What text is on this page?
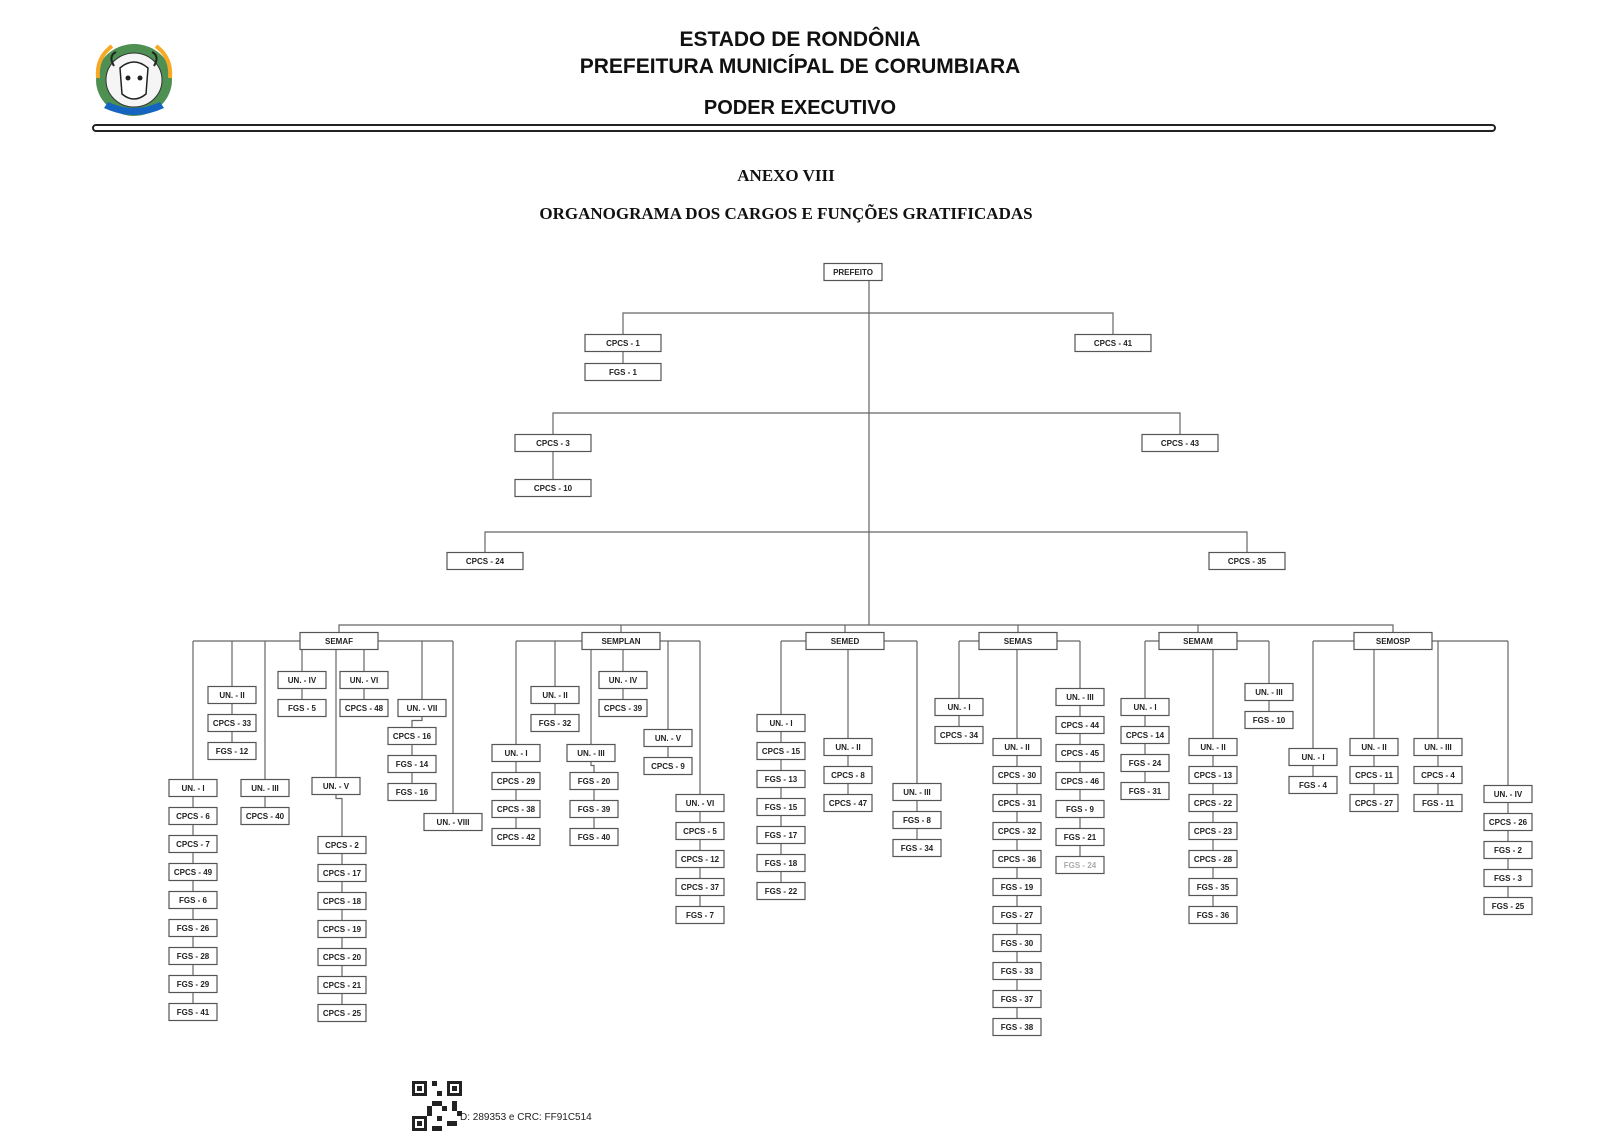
ESTADO DE RONDÔNIA
PREFEITURA MUNICÍPAL DE CORUMBIARA
PODER EXECUTIVO
ANEXO VIII
ORGANOGRAMA DOS CARGOS E FUNÇÕES GRATIFICADAS
PREFEITO
CPCS - 1
FGS - 1
CPCS - 41
CPCS - 3
CPCS - 10
CPCS - 43
CPCS - 24	CPCS - 35
SEMAF	SEMPLAN	SEMED	SEMAS	SEMAM	SEMOSP
UN. - I
CPCS - 6
CPCS - 7
CPCS - 49
FGS - 6
FGS - 26
FGS - 28
FGS - 29
FGS - 41
UN. - II
CPCS - 33
FGS - 12
UN. - III
CPCS - 40
UN. - IV
FGS - 5
UN. - V
CPCS - 2
CPCS - 17
CPCS - 18
CPCS - 19
CPCS - 20
CPCS - 21
CPCS - 25
UN. - VI
CPCS - 48	UN. - VII
CPCS - 16
FGS - 14
FGS - 16
UN. - VIII
UN. - I
CPCS - 29
CPCS - 38
CPCS - 42
UN. - II
FGS - 32
UN. - III
FGS - 20
FGS - 39
FGS - 40
UN. - IV
CPCS - 39
UN. - V
CPCS - 9
UN. - VI
CPCS - 5
CPCS - 12
CPCS - 37
FGS - 7
UN. - I
CPCS - 15
FGS - 13
FGS - 15
FGS - 17
FGS - 18
FGS - 22
UN. - II
CPCS - 8
CPCS - 47
UN. - III
FGS - 8
FGS - 34
UN. - I
CPCS - 34
UN. - II
CPCS - 30
CPCS - 31
CPCS - 32
CPCS - 36
FGS - 19
FGS - 27
FGS - 30
FGS - 33
FGS - 37
FGS - 38
UN. - III
CPCS - 44
CPCS - 45
CPCS - 46
FGS - 9
FGS - 21
FGS - 24
UN. - I
CPCS - 14
FGS - 24
FGS - 31
UN. - II
CPCS - 13
CPCS - 22
CPCS - 23
CPCS - 28
FGS - 35
FGS - 36
UN. - III
FGS - 10
UN. - I
FGS - 4
UN. - II
CPCS - 11
CPCS - 27
UN. - III
CPCS - 4
FGS - 11
UN. - IV
CPCS - 26
FGS - 2
FGS - 3
FGS - 25
D: 289353 e CRC: FF91C514
